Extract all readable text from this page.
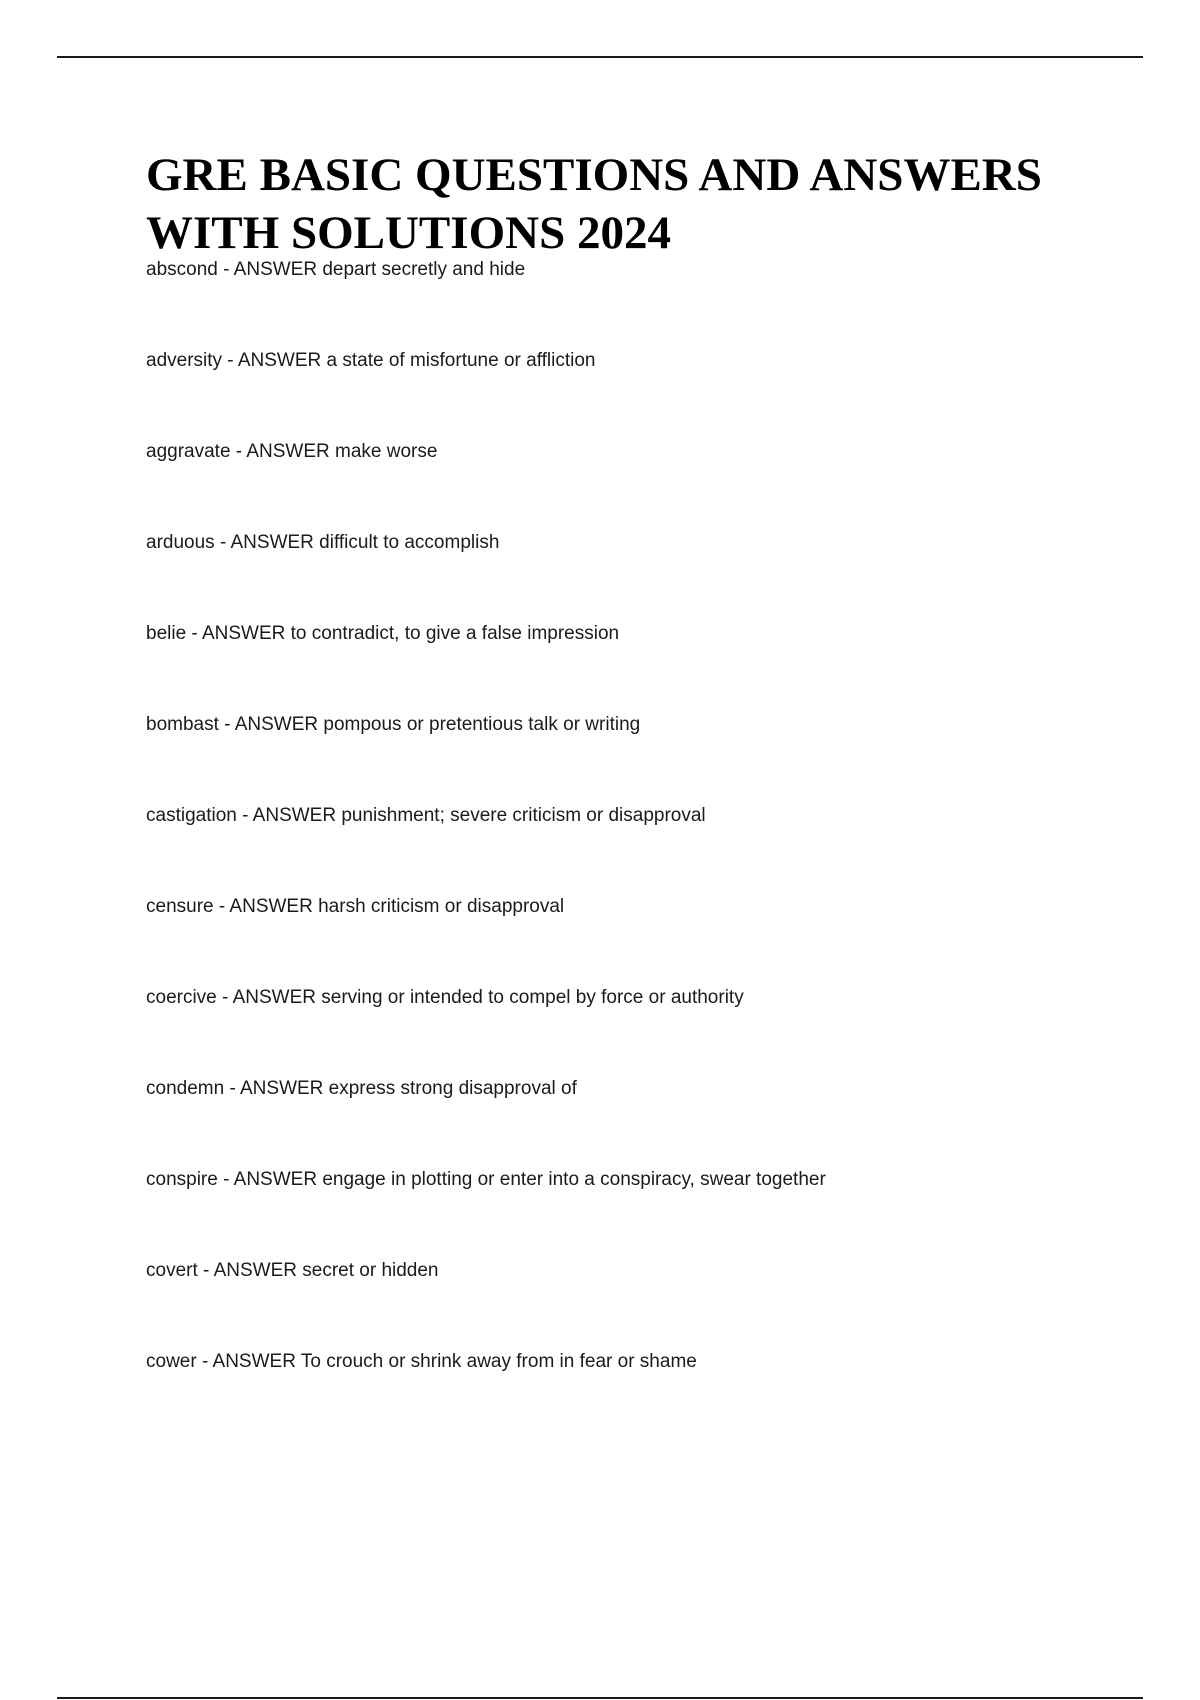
GRE BASIC QUESTIONS AND ANSWERS WITH SOLUTIONS 2024
abscond - ANSWER depart secretly and hide
adversity - ANSWER a state of misfortune or affliction
aggravate - ANSWER make worse
arduous - ANSWER difficult to accomplish
belie - ANSWER to contradict, to give a false impression
bombast - ANSWER pompous or pretentious talk or writing
castigation - ANSWER punishment; severe criticism or disapproval
censure - ANSWER harsh criticism or disapproval
coercive - ANSWER serving or intended to compel by force or authority
condemn - ANSWER express strong disapproval of
conspire - ANSWER engage in plotting or enter into a conspiracy, swear together
covert - ANSWER secret or hidden
cower - ANSWER To crouch or shrink away from in fear or shame
